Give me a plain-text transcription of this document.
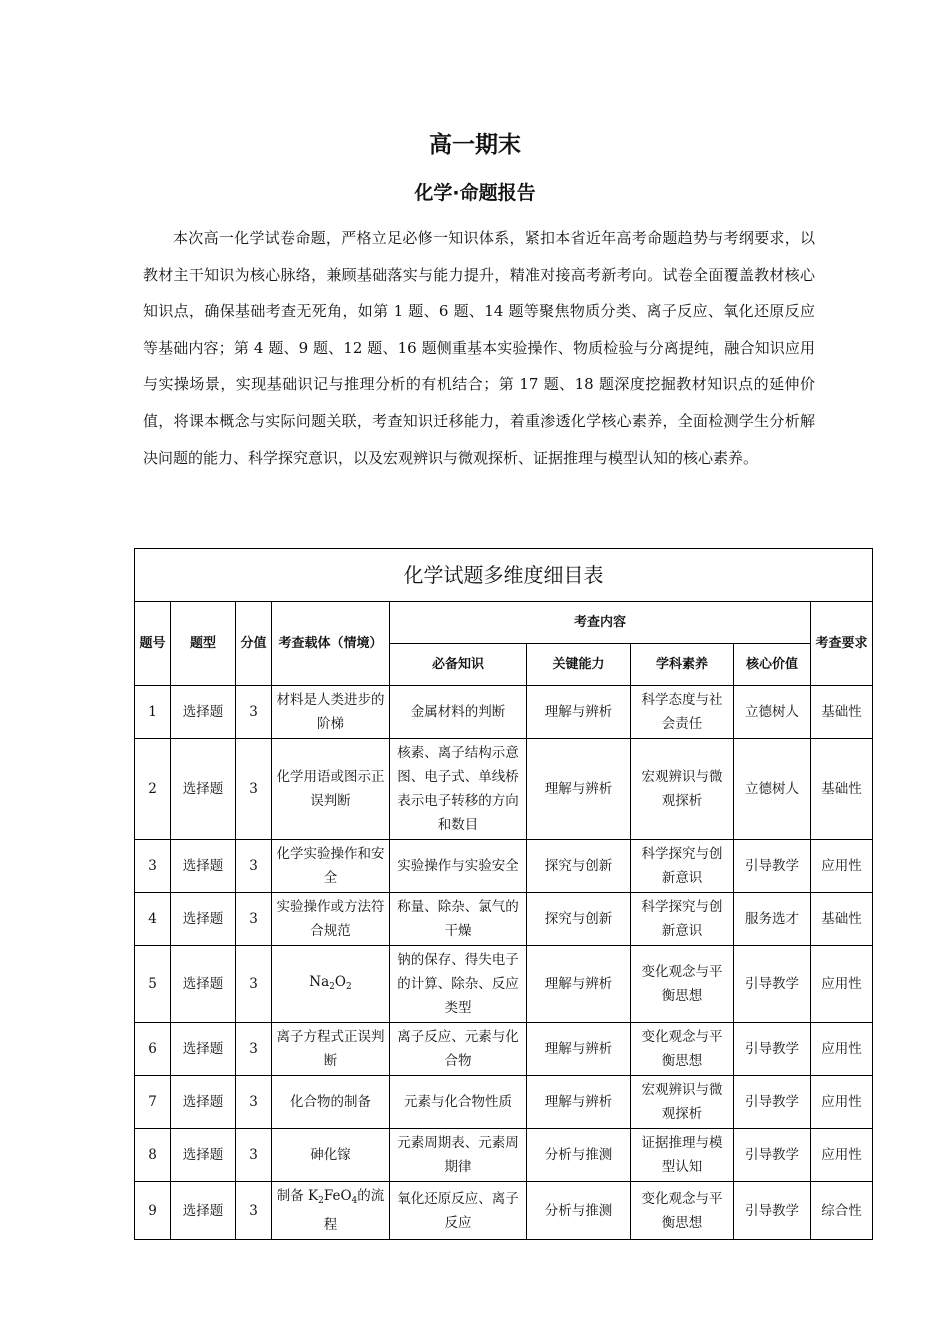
高一期末
化学·命题报告

本次高一化学试卷命题，严格立足必修一知识体系，紧扣本省近年高考命题趋势与考纲要求，以教材主干知识为核心脉络，兼顾基础落实与能力提升，精准对接高考新考向。试卷全面覆盖教材核心知识点，确保基础考查无死角，如第 1 题、6 题、14 题等聚焦物质分类、离子反应、氧化还原反应等基础内容；第 4 题、9 题、12 题、16 题侧重基本实验操作、物质检验与分离提纯，融合知识应用与实操场景，实现基础识记与推理分析的有机结合；第 17 题、18 题深度挖掘教材知识点的延伸价值，将课本概念与实际问题关联，考查知识迁移能力，着重渗透化学核心素养，全面检测学生分析解决问题的能力、科学探究意识，以及宏观辨识与微观探析、证据推理与模型认知的核心素养。

化学试题多维度细目表								
题号	题型	分值	考查载体（情境）	考查内容				考查要求
				必备知识	关键能力	学科素养	核心价值	
1	选择题	3	材料是人类进步的阶梯	金属材料的判断	理解与辨析	科学态度与社会责任	立德树人	基础性
2	选择题	3	化学用语或图示正误判断	核素、离子结构示意图、电子式、单线桥表示电子转移的方向和数目	理解与辨析	宏观辨识与微观探析	立德树人	基础性
3	选择题	3	化学实验操作和安全	实验操作与实验安全	探究与创新	科学探究与创新意识	引导教学	应用性
4	选择题	3	实验操作或方法符合规范	称量、除杂、氯气的干燥	探究与创新	科学探究与创新意识	服务选才	基础性
5	选择题	3	$Na_2O_2$	钠的保存、得失电子的计算、除杂、反应类型	理解与辨析	变化观念与平衡思想	引导教学	应用性
6	选择题	3	离子方程式正误判断	离子反应、元素与化合物	理解与辨析	变化观念与平衡思想	引导教学	应用性
7	选择题	3	化合物的制备	元素与化合物性质	理解与辨析	宏观辨识与微观探析	引导教学	应用性
8	选择题	3	砷化镓	元素周期表、元素周期律	分析与推测	证据推理与模型认知	引导教学	应用性
9	选择题	3	制备 $K_2FeO_4$的流程	氧化还原反应、离子反应	分析与推测	变化观念与平衡思想	引导教学	综合性
